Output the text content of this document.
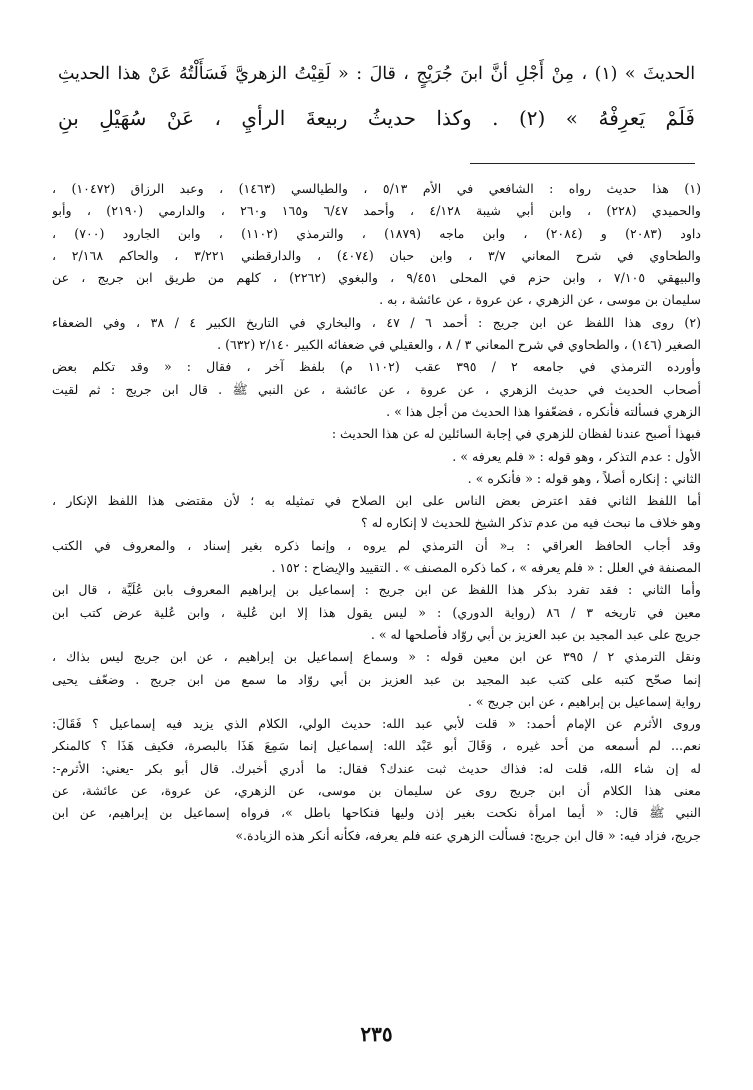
الحديثَ » (١) ، مِنْ أَجْلِ أنَّ ابنَ جُرَيْجٍ ، قالَ : « لَقِيْتُ الزهريَّ فَسَأَلْتُهُ عَنْ هذا الحديثِ

فَلَمْ يَعرِفْهُ » (٢) . وكذا حديثُ ربيعةَ الرأيِ ، عَنْ سُهَيْلِ بنِ

(١) هذا حديث رواه : الشافعي في الأم ٥/١٣ ، والطيالسي (١٤٦٣) ، وعبد الرزاق (١٠٤٧٢) ،

والحميدي (٢٢٨) ، وابن أبي شيبة ٤/١٢٨ ، وأحمد ٦/٤٧ و١٦٥ و٢٦٠ ، والدارمي (٢١٩٠) ، وأبو

داود (٢٠٨٣) و (٢٠٨٤) ، وابن ماجه (١٨٧٩) ، والترمذي (١١٠٢) ، وابن الجارود (٧٠٠) ،

والطحاوي في شرح المعاني ٣/٧ ، وابن حبان (٤٠٧٤) ، والدارقطني ٣/٢٢١ ، والحاكم ٢/١٦٨ ،

والبيهقي ٧/١٠٥ ، وابن حزم في المحلى ٩/٤٥١ ، والبغوي (٢٢٦٢) ، كلهم من طريق ابن جريج ، عن

سليمان بن موسى ، عن الزهري ، عن عروة ، عن عائشة ، به .

(٢) روى هذا اللفظ عن ابن جريج : أحمد ٦ / ٤٧ ، والبخاري في التاريخ الكبير ٤ / ٣٨ ، وفي الضعفاء

الصغير (١٤٦) ، والطحاوي في شرح المعاني ٣ / ٨ ، والعقيلي في ضعفائه الكبير ٢/١٤٠ (٦٣٢) .

وأورده الترمذي في جامعه ٢ / ٣٩٥ عقب (١١٠٢ م) بلفظ آخر ، فقال : « وقد تكلم بعض

أصحاب الحديث في حديث الزهري ، عن عروة ، عن عائشة ، عن النبي ﷺ . قال ابن جريج : ثم لقيت

الزهري فسألته فأنكره ، فضعّفوا هذا الحديث من أجل هذا » .

فبهذا أصبح عندنا لفظان للزهري في إجابة السائلين له عن هذا الحديث :

الأول : عدم التذكر ، وهو قوله : « فلم يعرفه » .

الثاني : إنكاره أصلاً ، وهو قوله : « فأنكره » .

أما اللفظ الثاني فقد اعترض بعض الناس على ابن الصلاح في تمثيله به ؛ لأن مقتضى هذا اللفظ الإنكار ،

وهو خلاف ما نبحث فيه من عدم تذكر الشيخ للحديث لا إنكاره له ؟

وقد أجاب الحافظ العراقي : بـ« أن الترمذي لم يروه ، وإنما ذكره بغير إسناد ، والمعروف في الكتب

المصنفة في العلل : « فلم يعرفه » ، كما ذكره المصنف » . التقييد والإيضاح : ١٥٢ .

وأما الثاني : فقد تفرد بذكر هذا اللفظ عن ابن جريج : إسماعيل بن إبراهيم المعروف بابن عُلَيَّة ، قال ابن

معين في تاريخه ٣ / ٨٦ (رواية الدوري) : « ليس يقول هذا إلا ابن عُلية ، وابن عُلية عرض كتب ابن

جريج على عبد المجيد بن عبد العزيز بن أبي روّاد فأصلحها له » .

ونقل الترمذي ٢ / ٣٩٥ عن ابن معين قوله : « وسماع إسماعيل بن إبراهيم ، عن ابن جريج ليس بذاك ،

إنما صحّح كتبه على كتب عبد المجيد بن عبد العزيز بن أبي روّاد ما سمع من ابن جريج . وضعّف يحيى

رواية إسماعيل بن إبراهيم ، عن ابن جريج » .

وروى الأثرم عن الإمام أحمد: « قلت لأبي عبد الله: حديث الولي، الكلام الذي يزيد فيه إسماعيل ؟ فَقَالَ:

نعم... لم أسمعه من أحد غيره ، وَقَالَ أبو عَبْد الله: إسماعيل إنما سَمِعَ هَذَا بالبصرة، فكيف هَذَا ؟ كالمنكر

له إن شاء الله، قلت له: فذاك حديث ثبت عندك؟ فقال: ما أدري أخبرك. قال أبو بكر -يعني: الأثرم-:

معنى هذا الكلام أن ابن جريج روى عن سليمان بن موسى، عن الزهري، عن عروة، عن عائشة، عن

النبي ﷺ قال: « أيما امرأة نكحت بغير إذن وليها فنكاحها باطل »، فرواه إسماعيل بن إبراهيم، عن ابن

جريج، فزاد فيه: « قال ابن جريج: فسألت الزهري عنه فلم يعرفه، فكأنه أنكر هذه الزيادة.»

٢٣٥
